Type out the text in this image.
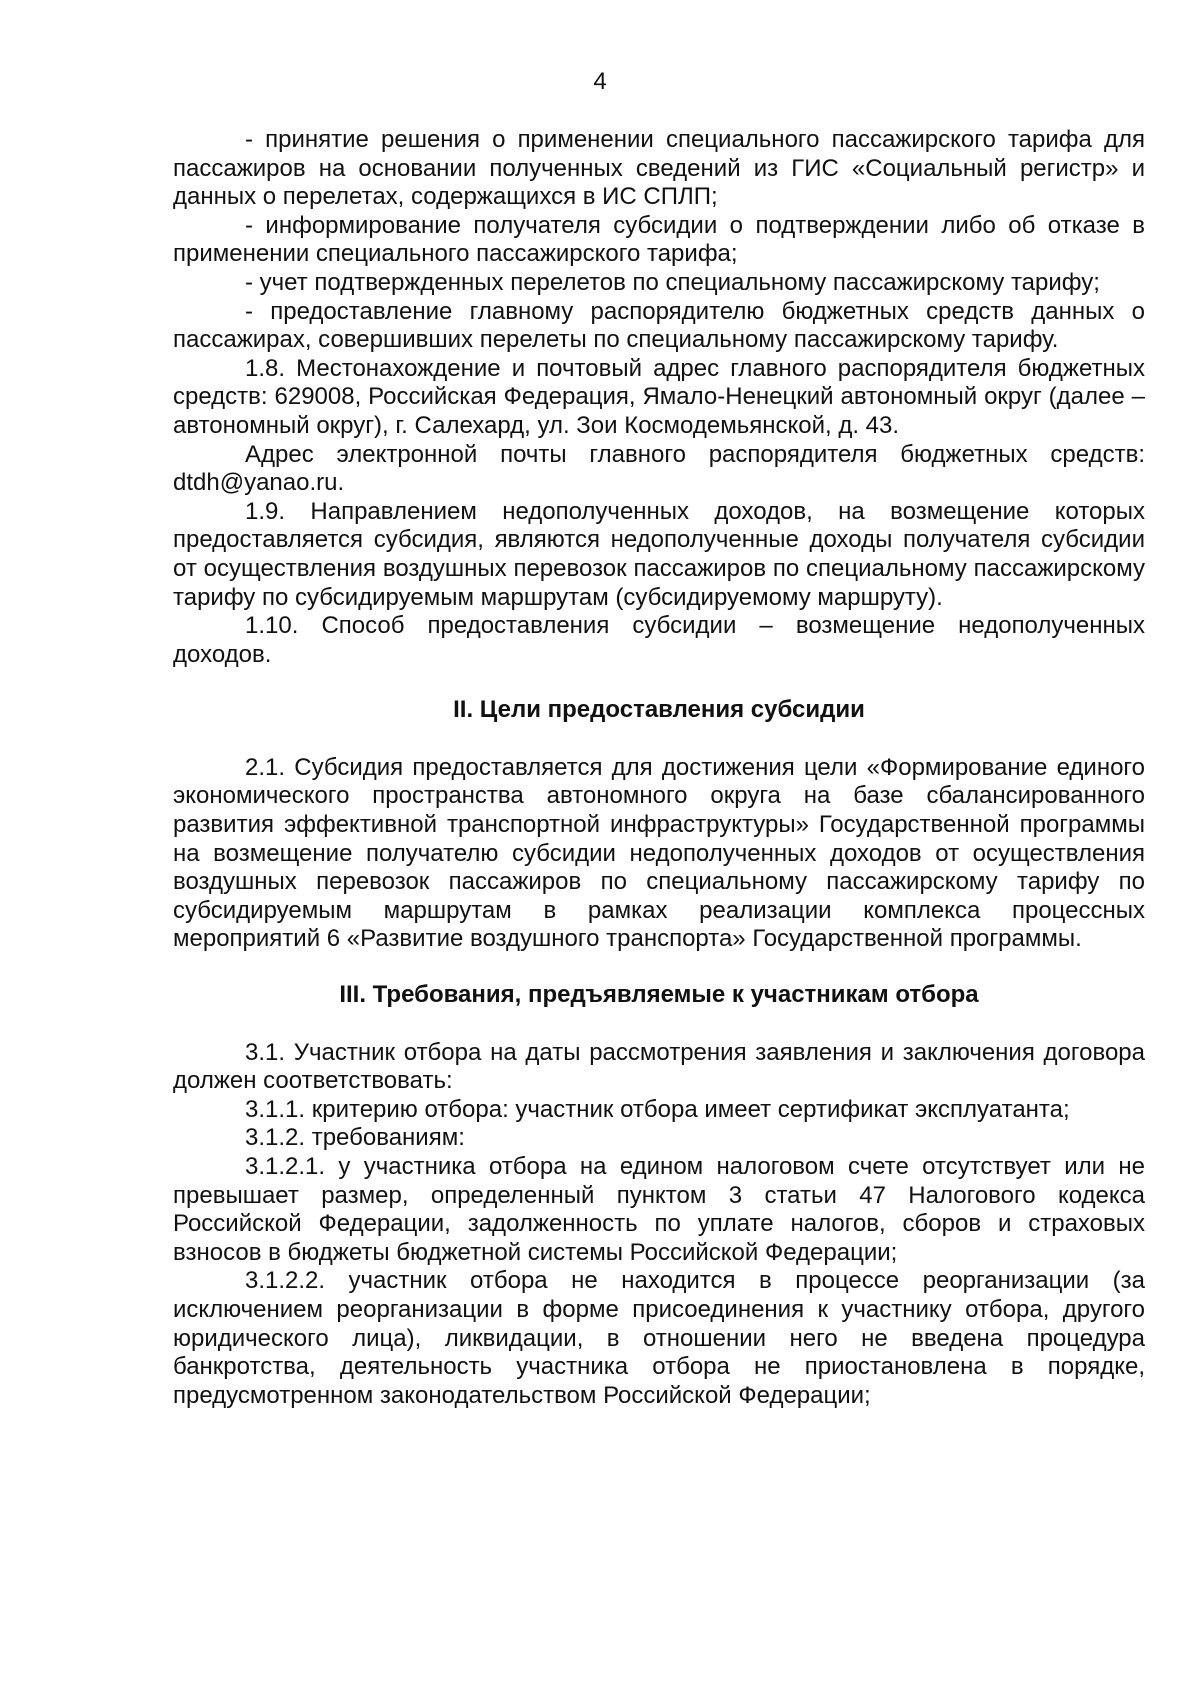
4

- принятие решения о применении специального пассажирского тарифа для пассажиров на основании полученных сведений из ГИС «Социальный регистр» и данных о перелетах, содержащихся в ИС СПЛП;

- информирование получателя субсидии о подтверждении либо об отказе в применении специального пассажирского тарифа;

- учет подтвержденных перелетов по специальному пассажирскому тарифу;

- предоставление главному распорядителю бюджетных средств данных о пассажирах, совершивших перелеты по специальному пассажирскому тарифу.

1.8. Местонахождение и почтовый адрес главного распорядителя бюджетных средств: 629008, Российская Федерация, Ямало-Ненецкий автономный округ (далее – автономный округ), г. Салехард, ул. Зои Космодемьянской, д. 43.

Адрес электронной почты главного распорядителя бюджетных средств: dtdh@yanao.ru.

1.9. Направлением недополученных доходов, на возмещение которых предоставляется субсидия, являются недополученные доходы получателя субсидии от осуществления воздушных перевозок пассажиров по специальному пассажирскому тарифу по субсидируемым маршрутам (субсидируемому маршруту).

1.10. Способ предоставления субсидии – возмещение недополученных доходов.

II. Цели предоставления субсидии

2.1. Субсидия предоставляется для достижения цели «Формирование единого экономического пространства автономного округа на базе сбалансированного развития эффективной транспортной инфраструктуры» Государственной программы на возмещение получателю субсидии недополученных доходов от осуществления воздушных перевозок пассажиров по специальному пассажирскому тарифу по субсидируемым маршрутам в рамках реализации комплекса процессных мероприятий 6 «Развитие воздушного транспорта» Государственной программы.

III. Требования, предъявляемые к участникам отбора

3.1. Участник отбора на даты рассмотрения заявления и заключения договора должен соответствовать:

3.1.1. критерию отбора: участник отбора имеет сертификат эксплуатанта;

3.1.2. требованиям:

3.1.2.1. у участника отбора на едином налоговом счете отсутствует или не превышает размер, определенный пунктом 3 статьи 47 Налогового кодекса Российской Федерации, задолженность по уплате налогов, сборов и страховых взносов в бюджеты бюджетной системы Российской Федерации;

3.1.2.2. участник отбора не находится в процессе реорганизации (за исключением реорганизации в форме присоединения к участнику отбора, другого юридического лица), ликвидации, в отношении него не введена процедура банкротства, деятельность участника отбора не приостановлена в порядке, предусмотренном законодательством Российской Федерации;
